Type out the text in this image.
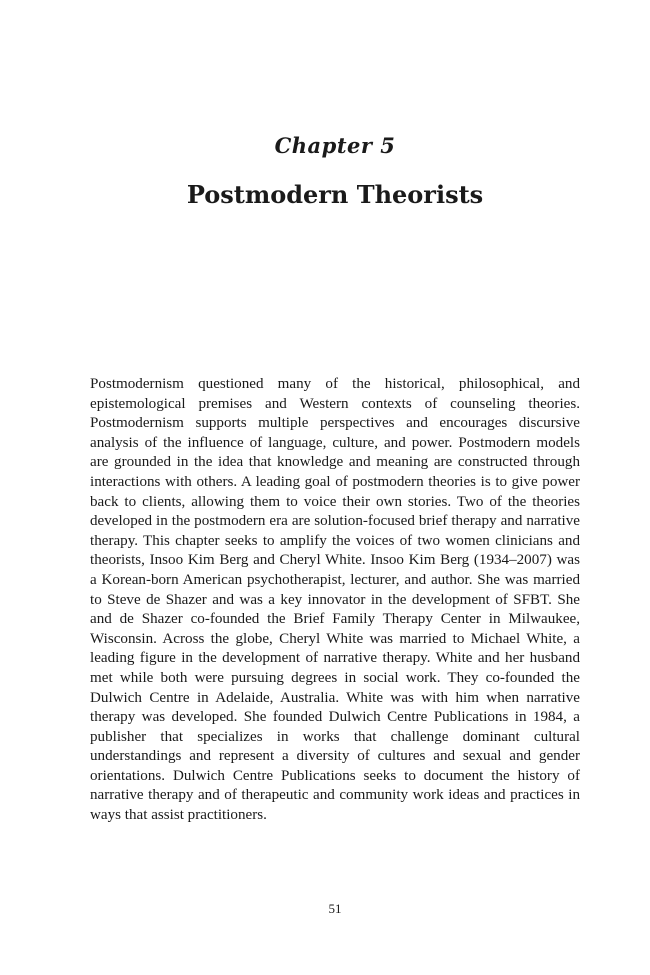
Chapter 5
Postmodern Theorists

Postmodernism questioned many of the historical, philosophical, and epistemological premises and Western contexts of counseling theories. Postmodernism supports multiple perspectives and encourages discursive analysis of the influence of language, culture, and power. Postmodern models are grounded in the idea that knowledge and meaning are constructed through interactions with others. A leading goal of postmodern theories is to give power back to clients, allowing them to voice their own stories. Two of the theories developed in the postmodern era are solution-focused brief therapy and narrative therapy. This chapter seeks to amplify the voices of two women clinicians and theorists, Insoo Kim Berg and Cheryl White. Insoo Kim Berg (1934–2007) was a Korean-born American psychotherapist, lecturer, and author. She was married to Steve de Shazer and was a key innovator in the development of SFBT. She and de Shazer co-founded the Brief Family Therapy Center in Milwaukee, Wisconsin. Across the globe, Cheryl White was married to Michael White, a leading figure in the development of narrative therapy. White and her husband met while both were pursuing degrees in social work. They co-founded the Dulwich Centre in Adelaide, Australia. White was with him when narrative therapy was developed. She founded Dulwich Centre Publications in 1984, a publisher that specializes in works that challenge dominant cultural understandings and represent a diversity of cultures and sexual and gender orientations. Dulwich Centre Publications seeks to document the history of narrative therapy and of therapeutic and community work ideas and practices in ways that assist practitioners.

51
